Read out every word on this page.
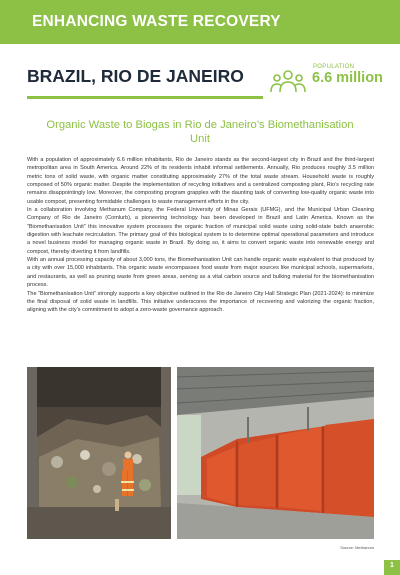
ENHANCING WASTE RECOVERY
BRAZIL, RIO DE JANEIRO	POPULATION
6.6 million
Organic Waste to Biogas in Rio de Janeiro’s Biomethanisation Unit

With a population of approximately 6.6 million inhabitants, Rio de Janeiro stands as the second-largest city in Brazil and the third-largest metropolitan area in South America. Around 22% of its residents inhabit informal settlements. Annually, Rio produces roughly 3.5 million metric tons of solid waste, with organic matter constituting approximately 27% of the total waste stream. Household waste is roughly composed of 50% organic matter. Despite the implementation of recycling initiatives and a centralized composting plant, Rio’s recycling rate remains disappointingly low. Moreover, the composting program grapples with the daunting task of converting low-quality organic waste into usable compost, presenting formidable challenges to waste management efforts in the city.

In a collaboration involving Methanum Company, the Federal University of Minas Gerais (UFMG), and the Municipal Urban Cleaning Company of Rio de Janeiro (Comlurb), a pioneering technology has been developed in Brazil and Latin America. Known as the “Biomethanisation Unit” this innovative system processes the organic fraction of municipal solid waste using solid-state batch anaerobic digestion with leachate recirculation. The primary goal of this biological system is to determine optimal operational parameters and introduce a novel business model for managing organic waste in Brazil. By doing so, it aims to convert organic waste into renewable energy and compost, thereby diverting it from landfills.

With an annual processing capacity of about 3,000 tons, the Biomethanisation Unit can handle organic waste equivalent to that produced by a city with over 15,000 inhabitants. This organic waste encompasses food waste from major sources like municipal schools, supermarkets, and restaurants, as well as pruning waste from green areas, serving as a vital carbon source and bulking material for the biomethanisation process.

The “Biomethanisation Unit” strongly supports a key objective outlined in the Rio de Janeiro City Hall Strategic Plan (2021-2024): to minimize the final disposal of solid waste in landfills. This initiative underscores the importance of recovering and valorizing the organic fraction, aligning with the city’s commitment to adopt a zero-waste governance approach.

Source: Methanum
1
